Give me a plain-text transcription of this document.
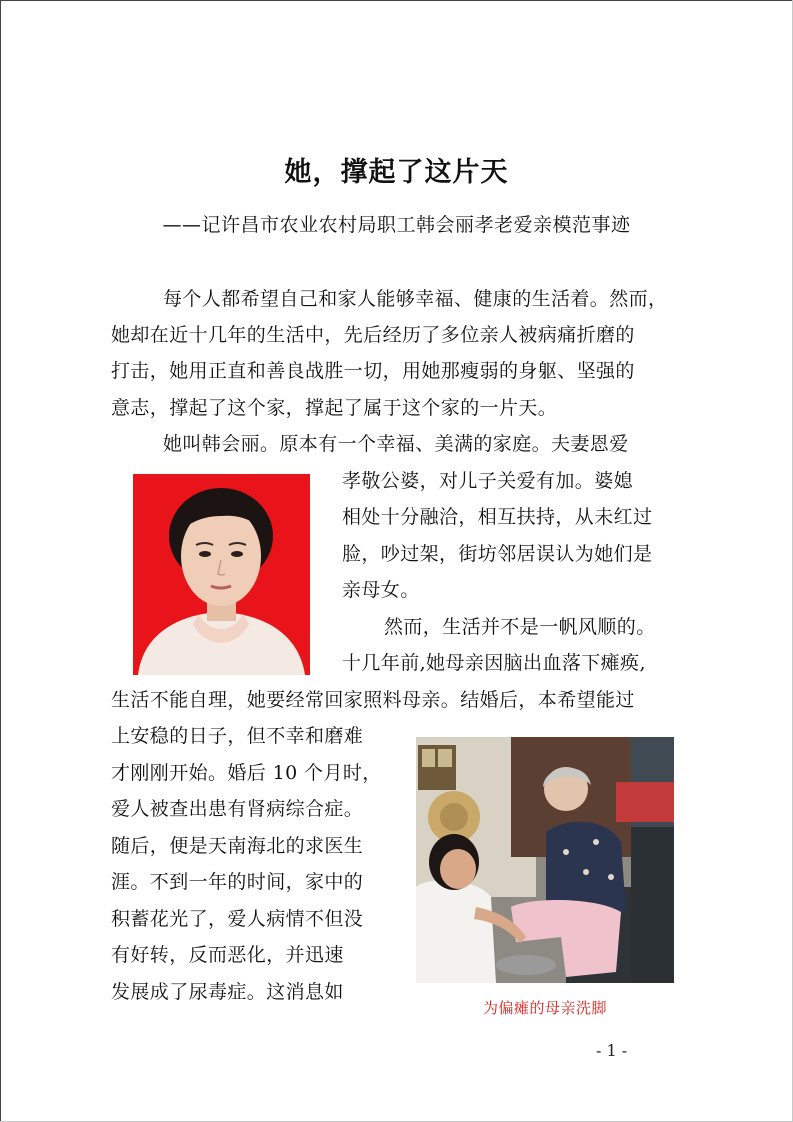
她，撑起了这片天
——记许昌市农业农村局职工韩会丽孝老爱亲模范事迹
每个人都希望自己和家人能够幸福、健康的生活着。然而，
她却在近十几年的生活中，先后经历了多位亲人被病痛折磨的
打击，她用正直和善良战胜一切，用她那瘦弱的身躯、坚强的
意志，撑起了这个家，撑起了属于这个家的一片天。
她叫韩会丽。原本有一个幸福、美满的家庭。夫妻恩爱
孝敬公婆，对儿子关爱有加。婆媳
相处十分融洽，相互扶持，从未红过
脸，吵过架，街坊邻居误认为她们是
亲母女。
然而，生活并不是一帆风顺的。
十几年前,她母亲因脑出血落下瘫痪,
生活不能自理，她要经常回家照料母亲。结婚后，本希望能过
上安稳的日子，但不幸和磨难
才刚刚开始。婚后 10 个月时，
爱人被查出患有肾病综合症。
随后，便是天南海北的求医生
涯。不到一年的时间，家中的
积蓄花光了，爱人病情不但没
有好转，反而恶化，并迅速
发展成了尿毒症。这消息如
为偏瘫的母亲洗脚
- 1 -
